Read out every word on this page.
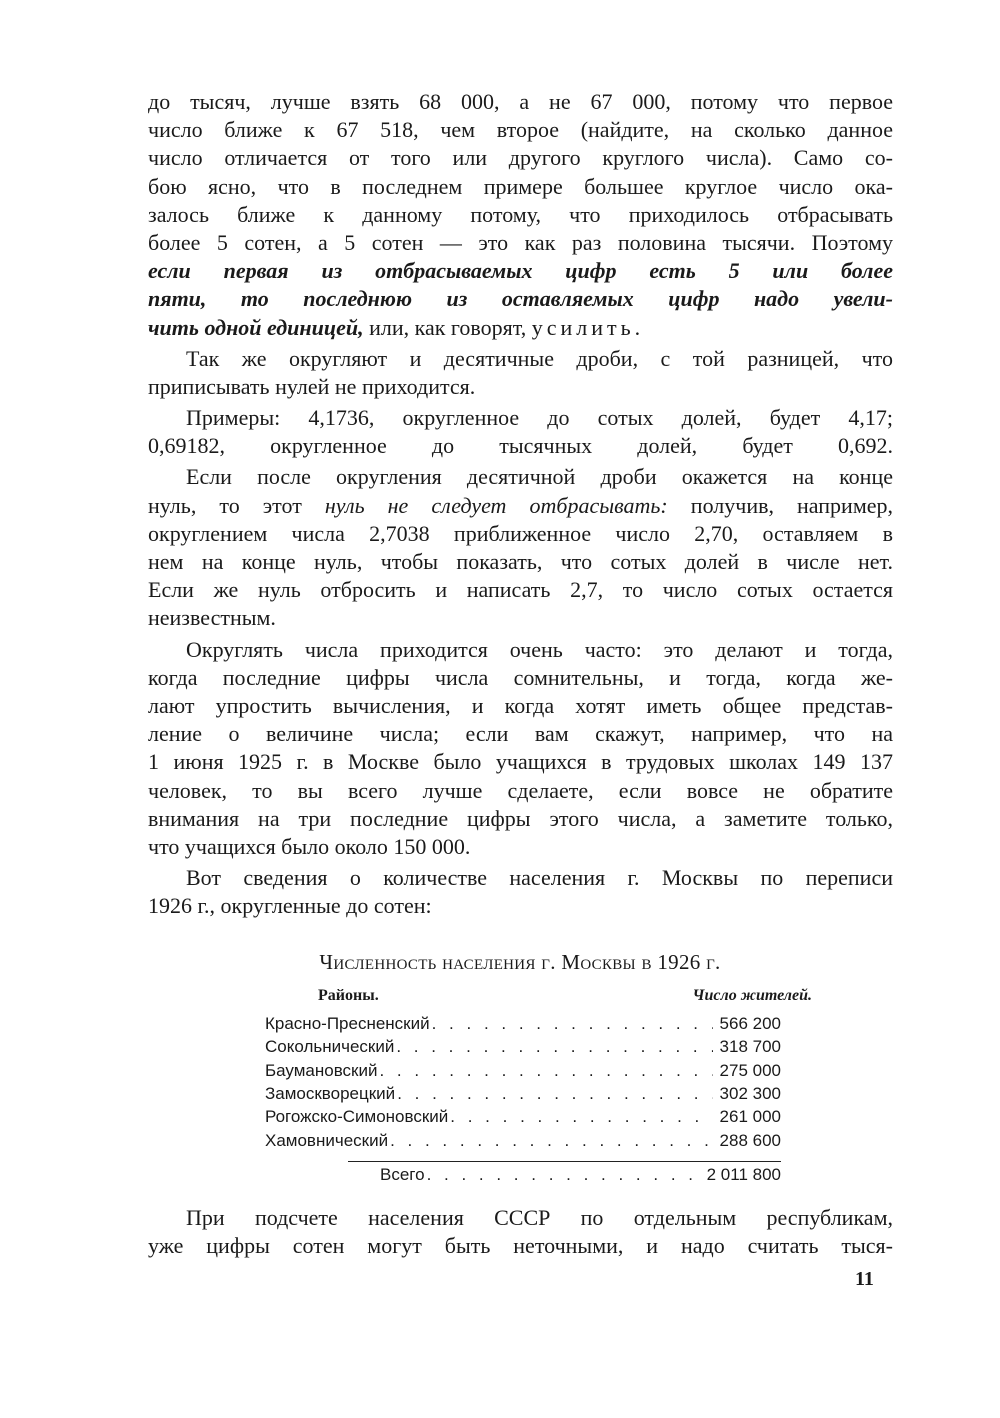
до тысяч, лучше взять 68 000, а не 67 000, потому что первое
число ближе к 67 518, чем второе (найдите, на сколько данное
число отличается от того или другого круглого числа). Само со-
бою ясно, что в последнем примере большее круглое число ока-
залось ближе к данному потому, что приходилось отбрасывать
более 5 сотен, а 5 сотен — это как раз половина тысячи. Поэтому
если первая из отбрасываемых цифр есть 5 или более
пяти, то последнюю из оставляемых цифр надо увели-
чить одной единицей, или, как говорят, усилить.
Так же округляют и десятичные дроби, с той разницей, что
приписывать нулей не приходится.
Примеры: 4,1736, округленное до сотых долей, будет 4,17;
0,69182, округленное до тысячных долей, будет 0,692.
Если после округления десятичной дроби окажется на конце
нуль, то этот нуль не следует отбрасывать: получив, например,
округлением числа 2,7038 приближенное число 2,70, оставляем в
нем на конце нуль, чтобы показать, что сотых долей в числе нет.
Если же нуль отбросить и написать 2,7, то число сотых остается
неизвестным.
Округлять числа приходится очень часто: это делают и тогда,
когда последние цифры числа сомнительны, и тогда, когда же-
лают упростить вычисления, и когда хотят иметь общее представ-
ление о величине числа; если вам скажут, например, что на
1 июня 1925 г. в Москве было учащихся в трудовых школах 149 137
человек, то вы всего лучше сделаете, если вовсе не обратите
внимания на три последние цифры этого числа, а заметите только,
что учащихся было около 150 000.
Вот сведения о количестве населения г. Москвы по переписи
1926 г., округленные до сотен:
Численность населения г. Москвы в 1926 г.
Районы.	Число жителей.
Красно-Пресненский . . .	566 200
Сокольнический . . .	318 700
Баумановский . . .	275 000
Замоскворецкий . . .	302 300
Рогожско-Симоновский . . .	261 000
Хамовнический . . .	288 600
Всего . . .	2 011 800
При подсчете населения СССР по отдельным республикам,
уже цифры сотен могут быть неточными, и надо считать тыся-
11
